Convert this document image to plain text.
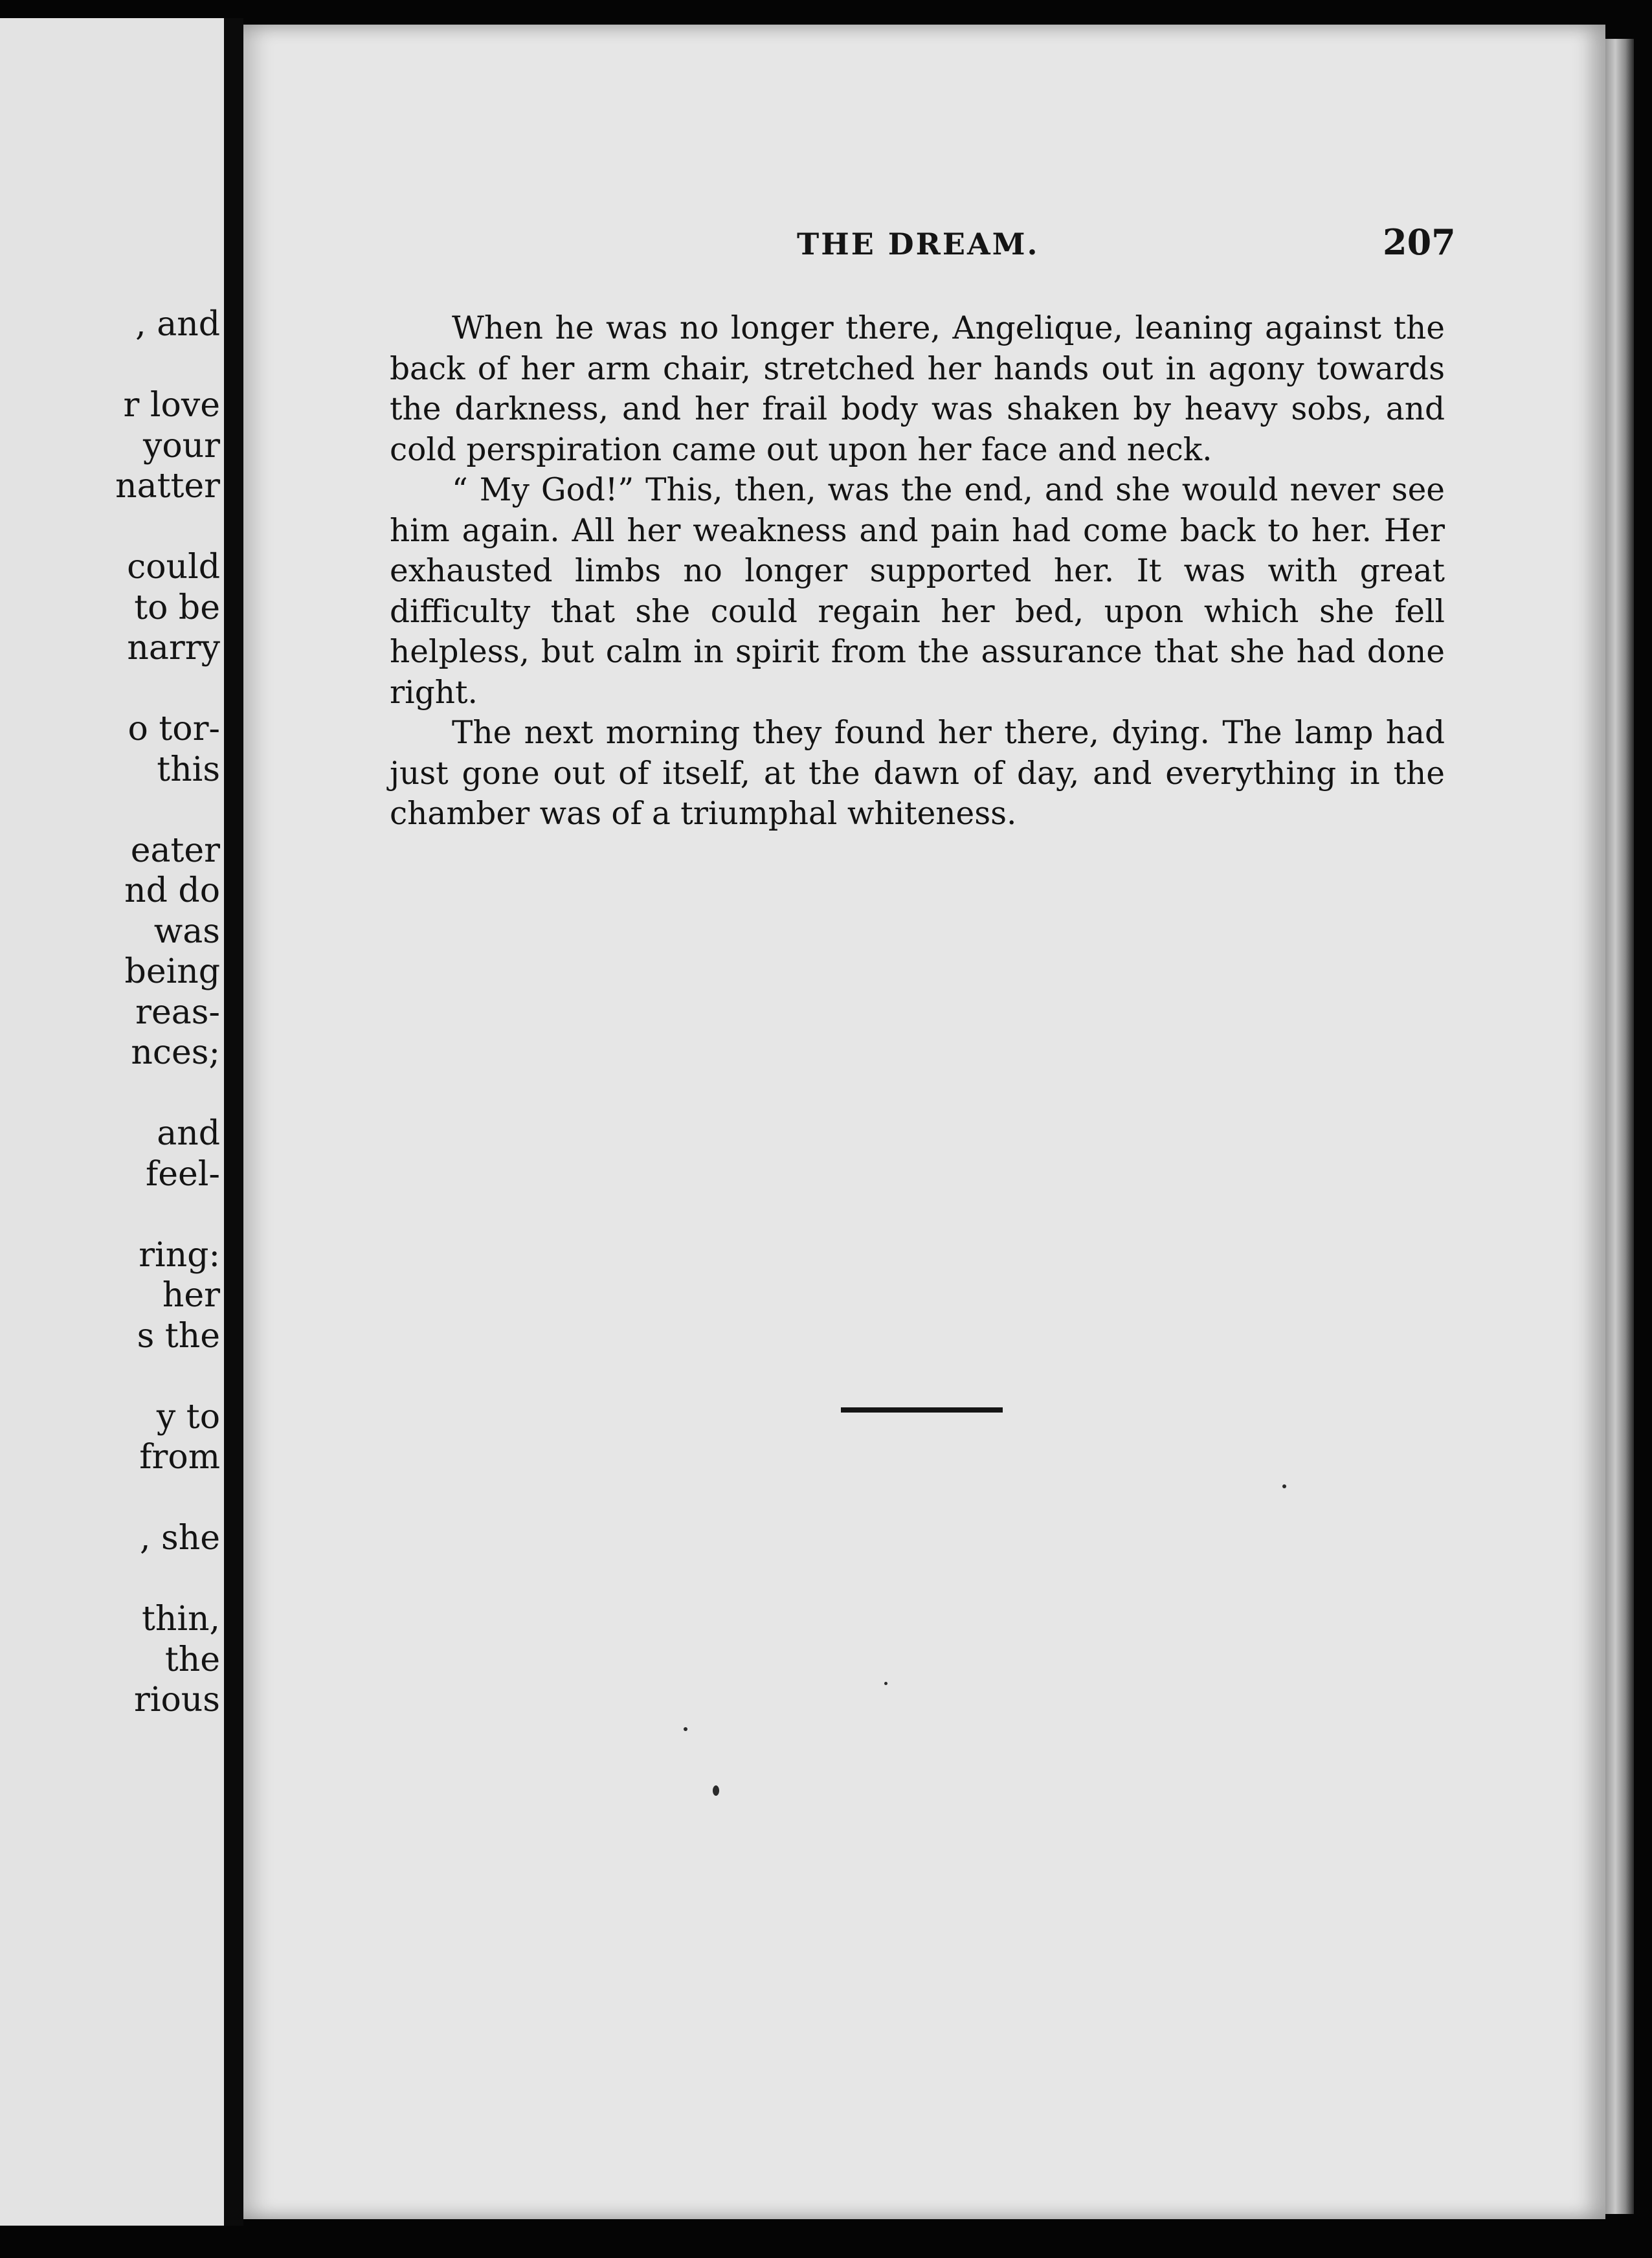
, and
r love
your
natter
could
to be
narry
o tor-
this
eater
nd do
was
being
reas-
nces;
and
feel-
ring:
her
s the
y to
from
, she
thin,
the
rious
THE DREAM.	207

When he was no longer there, Angelique, leaning against the back of her arm chair, stretched her hands out in agony towards the darkness, and her frail body was shaken by heavy sobs, and cold perspiration came out upon her face and neck.

“ My God!” This, then, was the end, and she would never see him again. All her weakness and pain had come back to her. Her exhausted limbs no longer supported her. It was with great difficulty that she could regain her bed, upon which she fell helpless, but calm in spirit from the assurance that she had done right.

The next morning they found her there, dying. The lamp had just gone out of itself, at the dawn of day, and everything in the chamber was of a triumphal whiteness.
